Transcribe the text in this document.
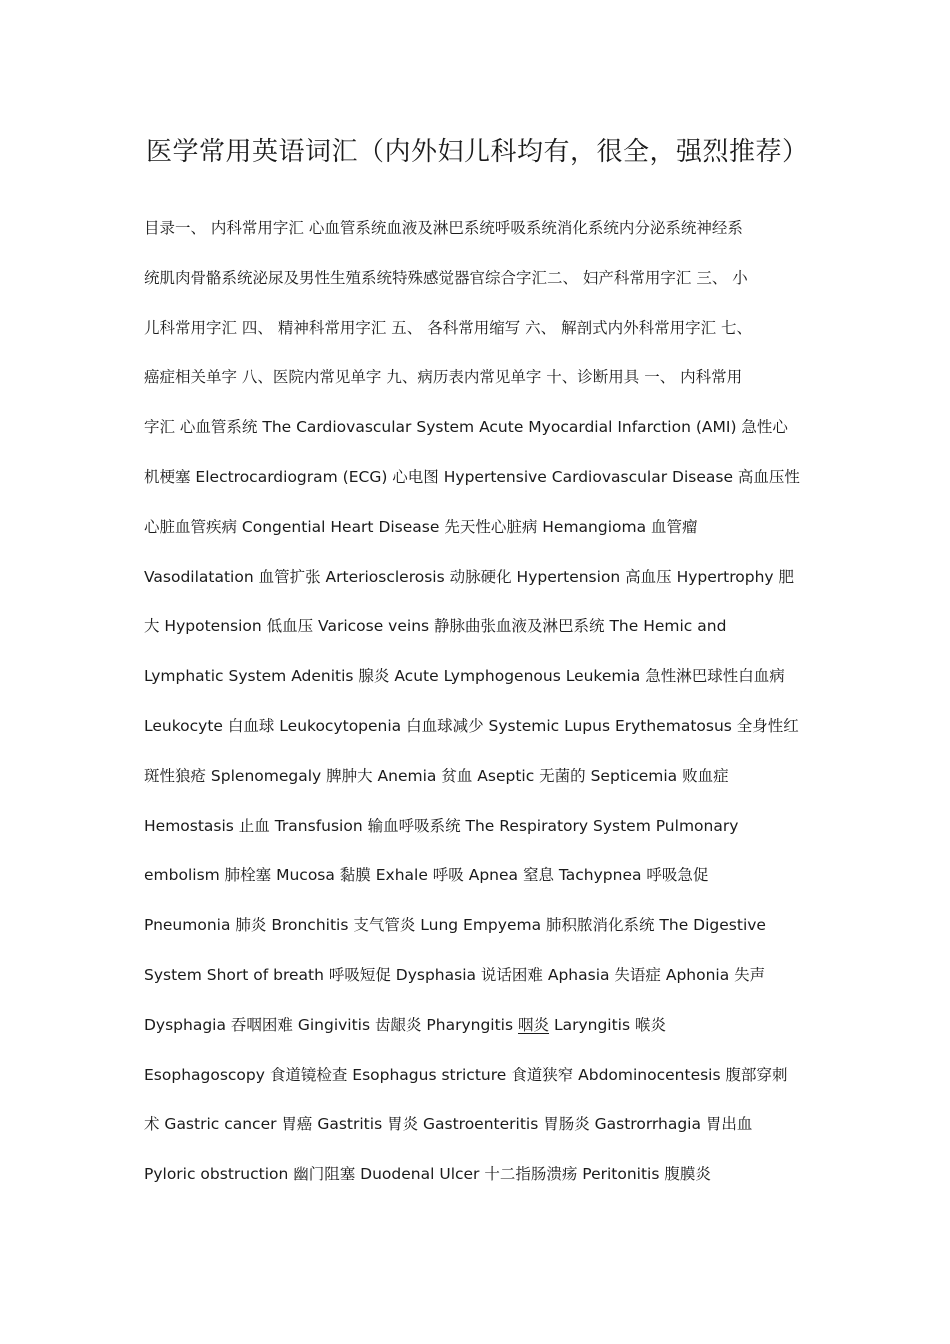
医学常用英语词汇（内外妇儿科均有，很全，强烈推荐）
目录一、 内科常用字汇 心血管系统血液及淋巴系统呼吸系统消化系统内分泌系统神经系
统肌肉骨骼系统泌尿及男性生殖系统特殊感觉器官综合字汇二、 妇产科常用字汇 三、 小
儿科常用字汇 四、 精神科常用字汇 五、 各科常用缩写 六、 解剖式内外科常用字汇 七、
癌症相关单字 八、医院内常见单字 九、病历表内常见单字 十、诊断用具 一、 内科常用
字汇 心血管系统 The Cardiovascular System Acute Myocardial Infarction (AMI) 急性心
机梗塞 Electrocardiogram (ECG) 心电图 Hypertensive Cardiovascular Disease 高血压性
心脏血管疾病 Congential Heart Disease 先天性心脏病 Hemangioma 血管瘤
Vasodilatation 血管扩张 Arteriosclerosis 动脉硬化 Hypertension 高血压 Hypertrophy 肥
大 Hypotension 低血压 Varicose veins 静脉曲张血液及淋巴系统 The Hemic and
Lymphatic System Adenitis 腺炎 Acute Lymphogenous Leukemia 急性淋巴球性白血病
Leukocyte 白血球 Leukocytopenia 白血球减少 Systemic Lupus Erythematosus 全身性红
斑性狼疮 Splenomegaly 脾肿大 Anemia 贫血 Aseptic 无菌的 Septicemia 败血症
Hemostasis 止血 Transfusion 输血呼吸系统 The Respiratory System Pulmonary
embolism 肺栓塞 Mucosa 黏膜 Exhale 呼吸 Apnea 窒息 Tachypnea 呼吸急促
Pneumonia 肺炎 Bronchitis 支气管炎 Lung Empyema 肺积脓消化系统 The Digestive
System Short of breath 呼吸短促 Dysphasia 说话困难 Aphasia 失语症 Aphonia 失声
Dysphagia 吞咽困难 Gingivitis 齿龈炎 Pharyngitis 咽炎 Laryngitis 喉炎
Esophagoscopy 食道镜检查 Esophagus stricture 食道狭窄 Abdominocentesis 腹部穿刺
术 Gastric cancer 胃癌 Gastritis 胃炎 Gastroenteritis 胃肠炎 Gastrorrhagia 胃出血
Pyloric obstruction 幽门阻塞 Duodenal Ulcer 十二指肠溃疡 Peritonitis 腹膜炎
